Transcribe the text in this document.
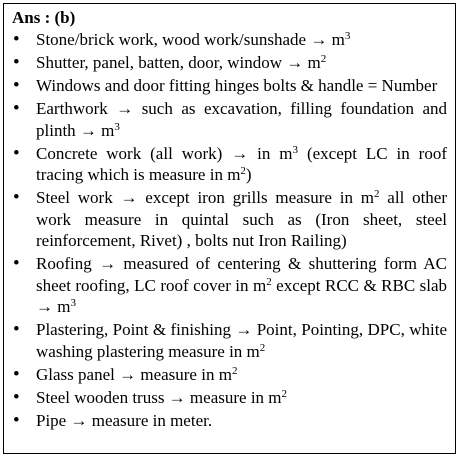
Ans : (b)
• Stone/brick work, wood work/sunshade → $m^3$
• Shutter, panel, batten, door, window → $m^2$
• Windows and door fitting hinges bolts & handle = Number
• Earthwork → such as excavation, filling foundation and plinth → $m^3$
• Concrete work (all work) → in $m^3$ (except LC in roof tracing which is measure in $m^2$)
• Steel work → except iron grills measure in $m^2$ all other work measure in quintal such as (Iron sheet, steel reinforcement, Rivet) , bolts nut Iron Railing)
• Roofing → measured of centering & shuttering form AC sheet roofing, LC roof cover in $m^2$ except RCC & RBC slab → $m^3$
• Plastering, Point & finishing → Point, Pointing, DPC, white washing plastering measure in $m^2$
• Glass panel → measure in $m^2$
• Steel wooden truss → measure in $m^2$
• Pipe → measure in meter.
